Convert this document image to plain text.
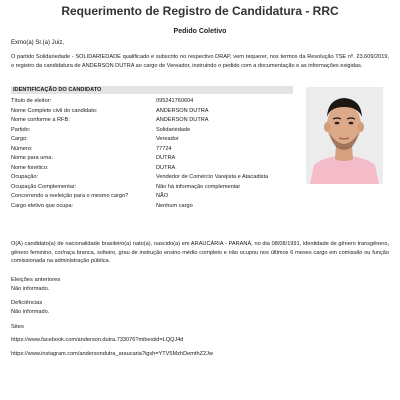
Requerimento de Registro de Candidatura - RRC
Pedido Coletivo
Exmo(a) Sr.(a) Juiz,
O partido Solidariedade - SOLIDARIEDADE qualificado e subscrito no respectivo DRAP, vem requerer, nos termos da Resolução TSE nº. 23.609/2019, o registro da candidatura de ANDERSON DUTRA ao cargo de Vereador, instruindo o pedido com a documentação e as informações exigidas.
IDENTIFICAÇÃO DO CANDIDATO
Título de eleitor:	095241760604
Nome Completo civil do candidato:	ANDERSON DUTRA
Nome conforme a RFB:	ANDERSON DUTRA
Partido:	Solidariedade
Cargo:	Vereador
Número:	77724
Nome para urna:	DUTRA
Nome fonético:	DUTRA
Ocupação:	Vendedor de Comércio Varejista e Atacadista
Ocupação Complementar:	Não há informação complementar
Concorrendo a reeleição para o mesmo cargo?	NÃO
Cargo eletivo que ocupa:	Nenhum cargo
O(A) candidato(a) de nacionalidade brasileiro(a) nato(a), nascido(a) em ARAUCÁRIA - PARANÁ, no dia 08/08/1991, identidade de gênero transgênero, gênero feminino, cor/raça branca, solteiro, grau de instrução ensino médio completo e não ocupou nos últimos 6 meses cargo em comissão ou função comissionada na administração pública.
Eleições anteriores
Não informado.
Deficiências
Não informado.
Sites
https://www.facebook.com/anderson.dutra.733076?mibextid=LQQJ4d
https://www.instagram.com/andersondutra_araucaria?igsh=YTV5MzhDemthZ2Jw
